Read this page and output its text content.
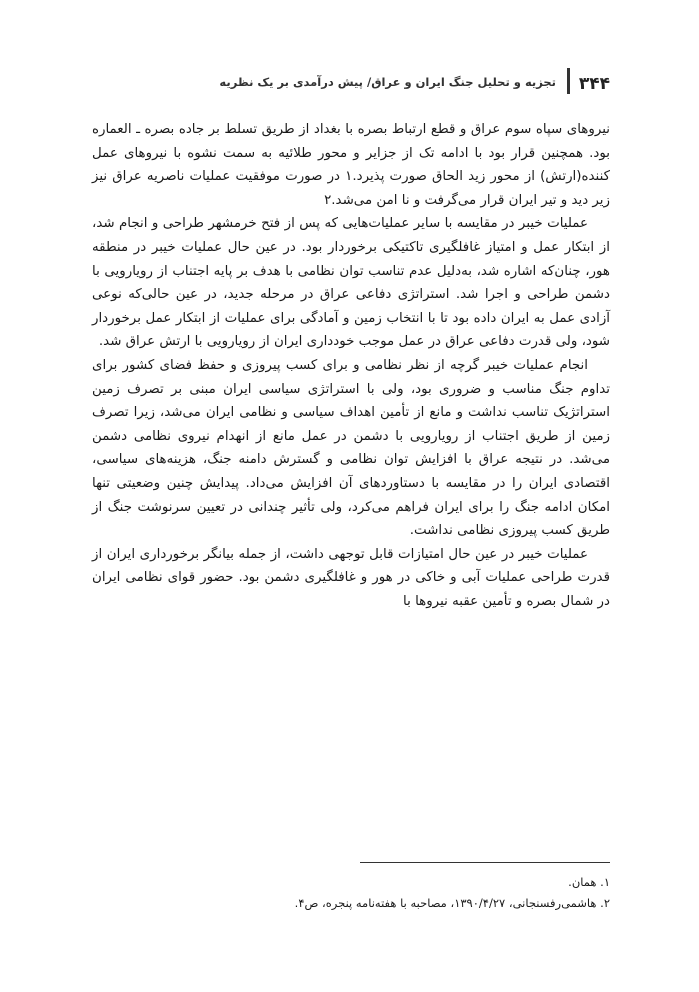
۳۴۴
تجزیه و تحلیل جنگ ایران و عراق/ پیش درآمدی بر یک نظریه

نیروهای سپاه سوم عراق و قطع ارتباط بصره با بغداد از طریق تسلط بر جاده بصره ـ العماره بود. همچنین قرار بود با ادامه تک از جزایر و محور طلائیه به سمت نشوه با نیروهای عمل کننده(ارتش) از محور زید الحاق صورت پذیرد.۱ در صورت موفقیت عملیات ناصریه عراق نیز زیر دید و تیر ایران قرار می‌گرفت و نا امن می‌شد.۲

عملیات خیبر در مقایسه با سایر عملیات‌هایی که پس از فتح خرمشهر طراحی و انجام شد، از ابتکار عمل و امتیاز غافلگیری تاکتیکی برخوردار بود. در عین حال عملیات خیبر در منطقه هور، چنان‌که اشاره شد، به‌دلیل عدم تناسب توان نظامی با هدف بر پایه اجتناب از رویارویی با دشمن طراحی و اجرا شد. استراتژی دفاعی عراق در مرحله جدید، در عین حالی‌که نوعی آزادی عمل به ایران داده بود تا با انتخاب زمین و آمادگی برای عملیات از ابتکار عمل برخوردار شود، ولی قدرت دفاعی عراق در عمل موجب خودداری ایران از رویارویی با ارتش عراق شد.

انجام عملیات خیبر گرچه از نظر نظامی و برای کسب پیروزی و حفظ فضای کشور برای تداوم جنگ مناسب و ضروری بود، ولی با استراتژی سیاسی ایران مبنی بر تصرف زمین استراتژیک تناسب نداشت و مانع از تأمین اهداف سیاسی و نظامی ایران می‌شد، زیرا تصرف زمین از طریق اجتناب از رویارویی با دشمن در عمل مانع از انهدام نیروی نظامی دشمن می‌شد. در نتیجه عراق با افزایش توان نظامی و گسترش دامنه جنگ، هزینه‌های سیاسی، اقتصادی ایران را در مقایسه با دستاوردهای آن افزایش می‌داد. پیدایش چنین وضعیتی تنها امکان ادامه جنگ را برای ایران فراهم می‌کرد، ولی تأثیر چندانی در تعیین سرنوشت جنگ از طریق کسب پیروزی نظامی نداشت.

عملیات خیبر در عین حال امتیازات قابل توجهی داشت، از جمله بیانگر برخورداری ایران از قدرت طراحی عملیات آبی و خاکی در هور و غافلگیری دشمن بود. حضور قوای نظامی ایران در شمال بصره و تأمین عقبه نیروها با

۱. همان.
۲. هاشمی‌رفسنجانی، ۱۳۹۰/۴/۲۷، مصاحبه با هفته‌نامه پنجره، ص۴.
